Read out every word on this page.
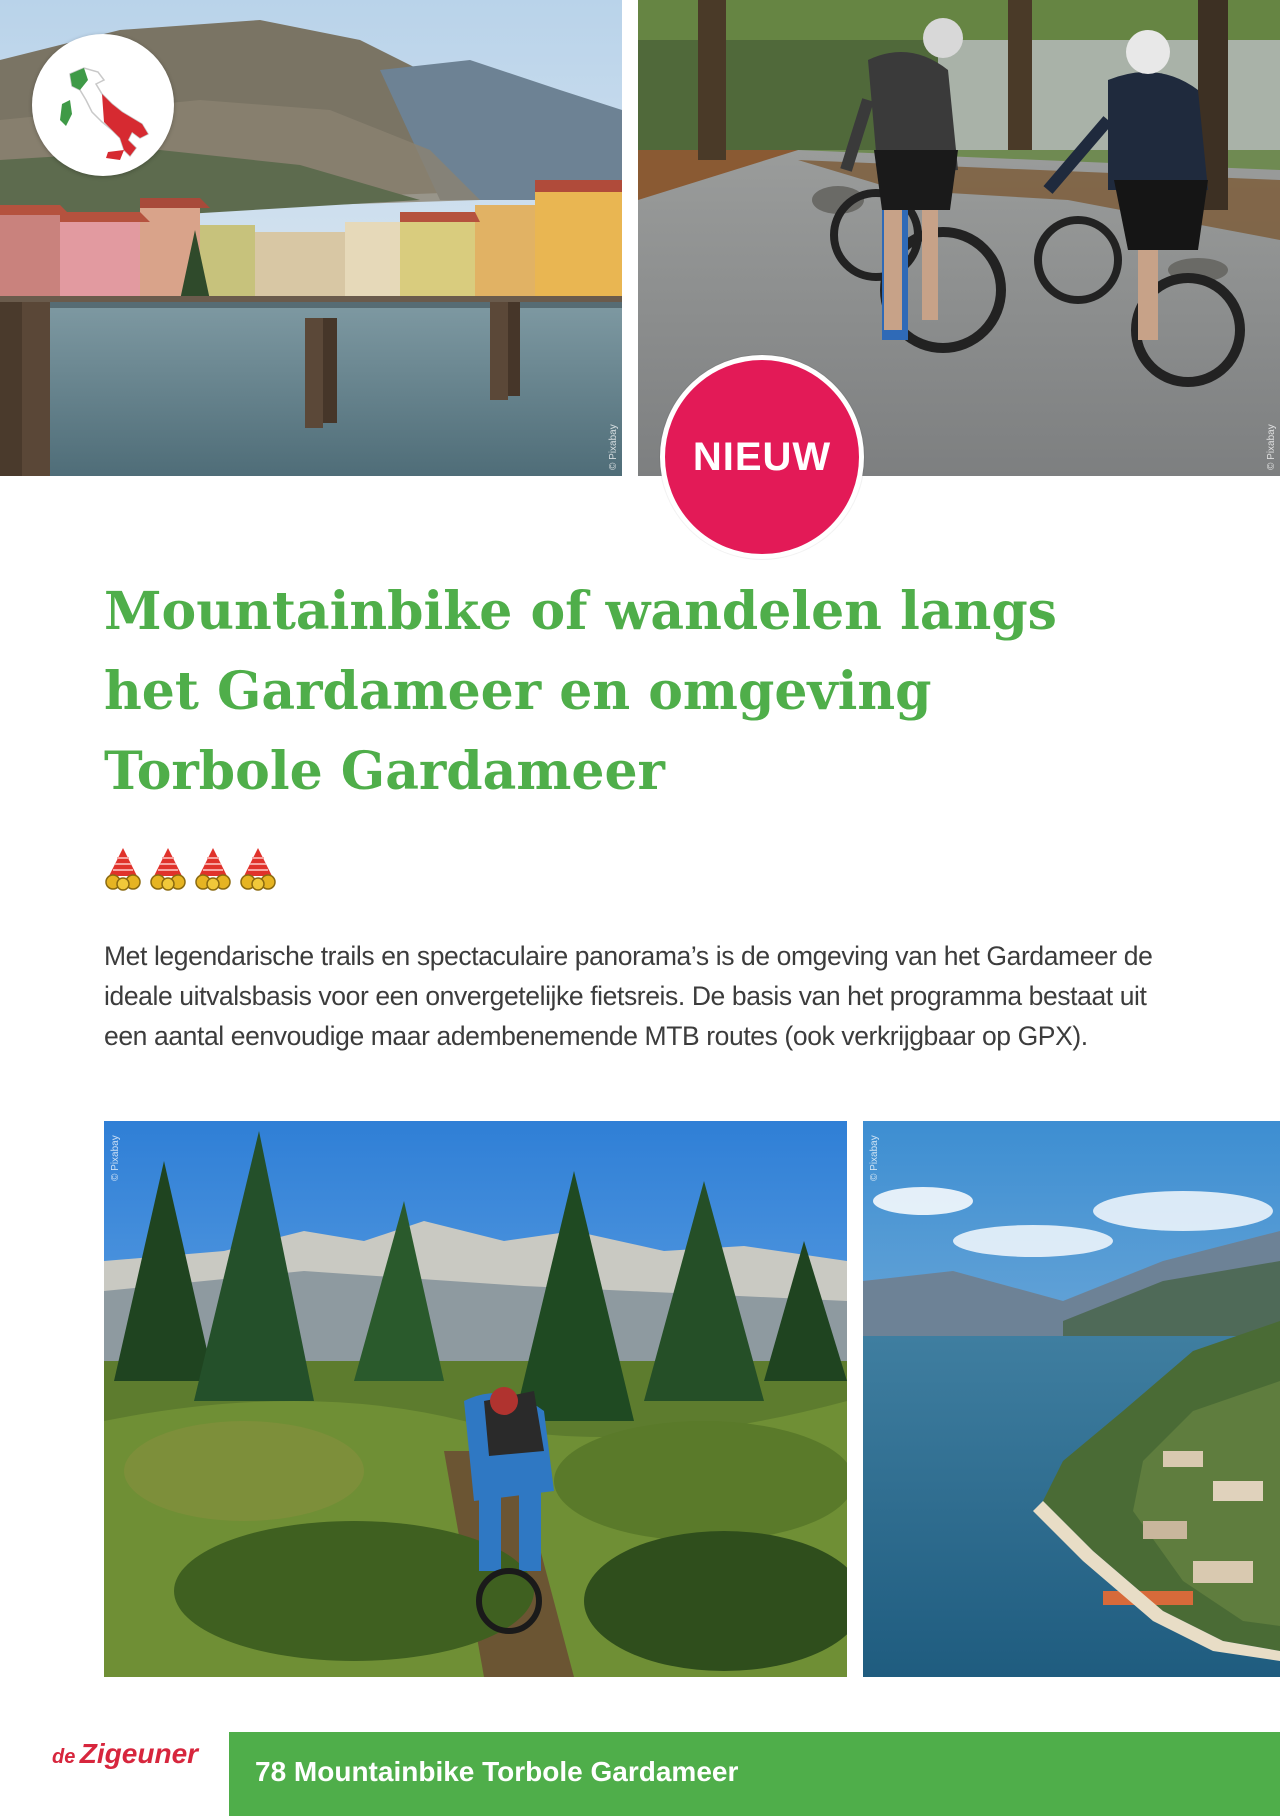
© Pixabay	© Pixabay
NIEUW
Mountainbike of wandelen langs
het Gardameer en omgeving
Torbole Gardameer

Met legendarische trails en spectaculaire panorama’s is de omgeving van het Gardameer de
ideale uitvalsbasis voor een onvergetelijke fietsreis. De basis van het programma bestaat uit
een aantal eenvoudige maar adembenemende MTB routes (ook verkrijgbaar op GPX).

© Pixabay	© Pixabay
de Zigeuner
78 Mountainbike Torbole Gardameer
